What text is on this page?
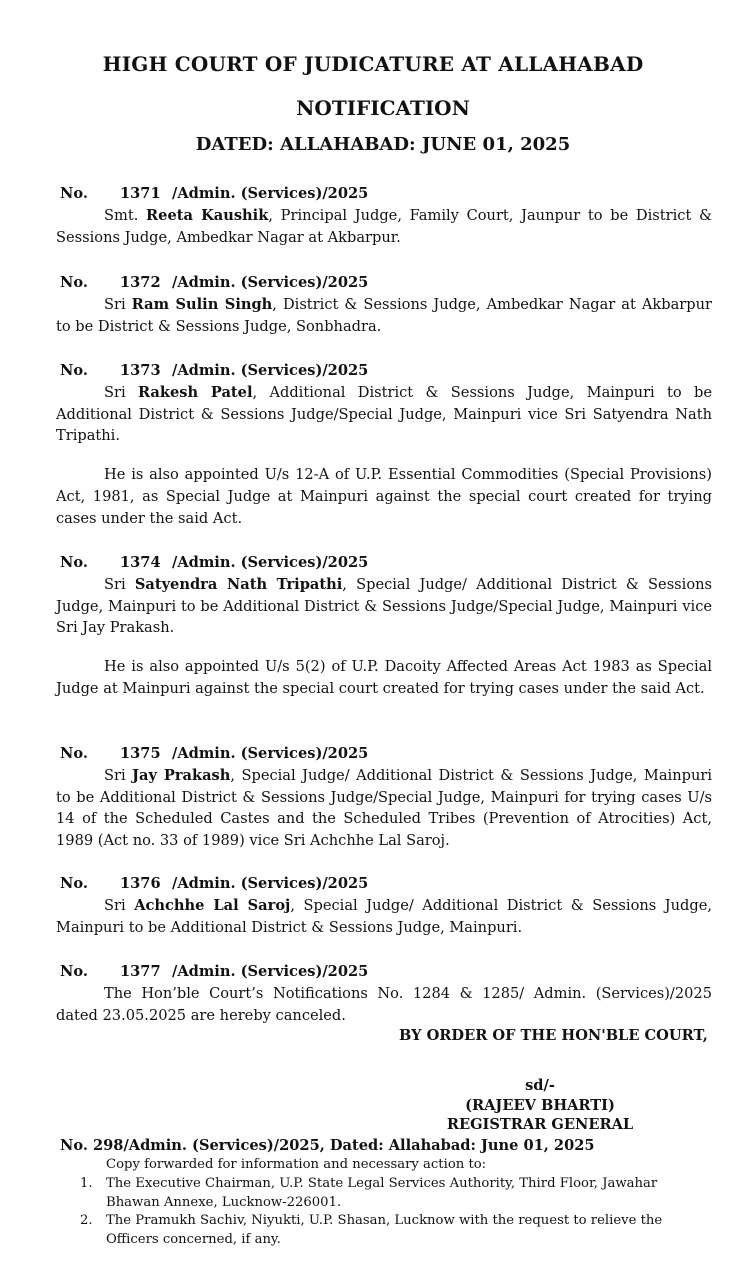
HIGH COURT OF JUDICATURE AT ALLAHABAD
NOTIFICATION
DATED: ALLAHABAD: JUNE 01, 2025
No. 1371 /Admin. (Services)/2025

Smt. Reeta Kaushik, Principal Judge, Family Court, Jaunpur to be District & Sessions Judge, Ambedkar Nagar at Akbarpur.

No. 1372 /Admin. (Services)/2025

Sri Ram Sulin Singh, District & Sessions Judge, Ambedkar Nagar at Akbarpur to be District & Sessions Judge, Sonbhadra.

No. 1373 /Admin. (Services)/2025

Sri Rakesh Patel, Additional District & Sessions Judge, Mainpuri to be Additional District & Sessions Judge/Special Judge, Mainpuri vice Sri Satyendra Nath Tripathi.

He is also appointed U/s 12-A of U.P. Essential Commodities (Special Provisions) Act, 1981, as Special Judge at Mainpuri against the special court created for trying cases under the said Act.

No. 1374 /Admin. (Services)/2025

Sri Satyendra Nath Tripathi, Special Judge/ Additional District & Sessions Judge, Mainpuri to be Additional District & Sessions Judge/Special Judge, Mainpuri vice Sri Jay Prakash.

He is also appointed U/s 5(2) of U.P. Dacoity Affected Areas Act 1983 as Special Judge at Mainpuri against the special court created for trying cases under the said Act.

No. 1375 /Admin. (Services)/2025

Sri Jay Prakash, Special Judge/ Additional District & Sessions Judge, Mainpuri to be Additional District & Sessions Judge/Special Judge, Mainpuri for trying cases U/s 14 of the Scheduled Castes and the Scheduled Tribes (Prevention of Atrocities) Act, 1989 (Act no. 33 of 1989) vice Sri Achchhe Lal Saroj.

No. 1376 /Admin. (Services)/2025

Sri Achchhe Lal Saroj, Special Judge/ Additional District & Sessions Judge, Mainpuri to be Additional District & Sessions Judge, Mainpuri.

No. 1377 /Admin. (Services)/2025

The Hon’ble Court’s Notifications No. 1284 & 1285/ Admin. (Services)/2025 dated 23.05.2025 are hereby canceled.

BY ORDER OF THE HON'BLE COURT,
sd/-
(RAJEEV BHARTI)
REGISTRAR GENERAL
No. 298/Admin. (Services)/2025, Dated: Allahabad: June 01, 2025
Copy forwarded for information and necessary action to:
1. The Executive Chairman, U.P. State Legal Services Authority, Third Floor, Jawahar Bhawan Annexe, Lucknow-226001.
2. The Pramukh Sachiv, Niyukti, U.P. Shasan, Lucknow with the request to relieve the Officers concerned, if any.
